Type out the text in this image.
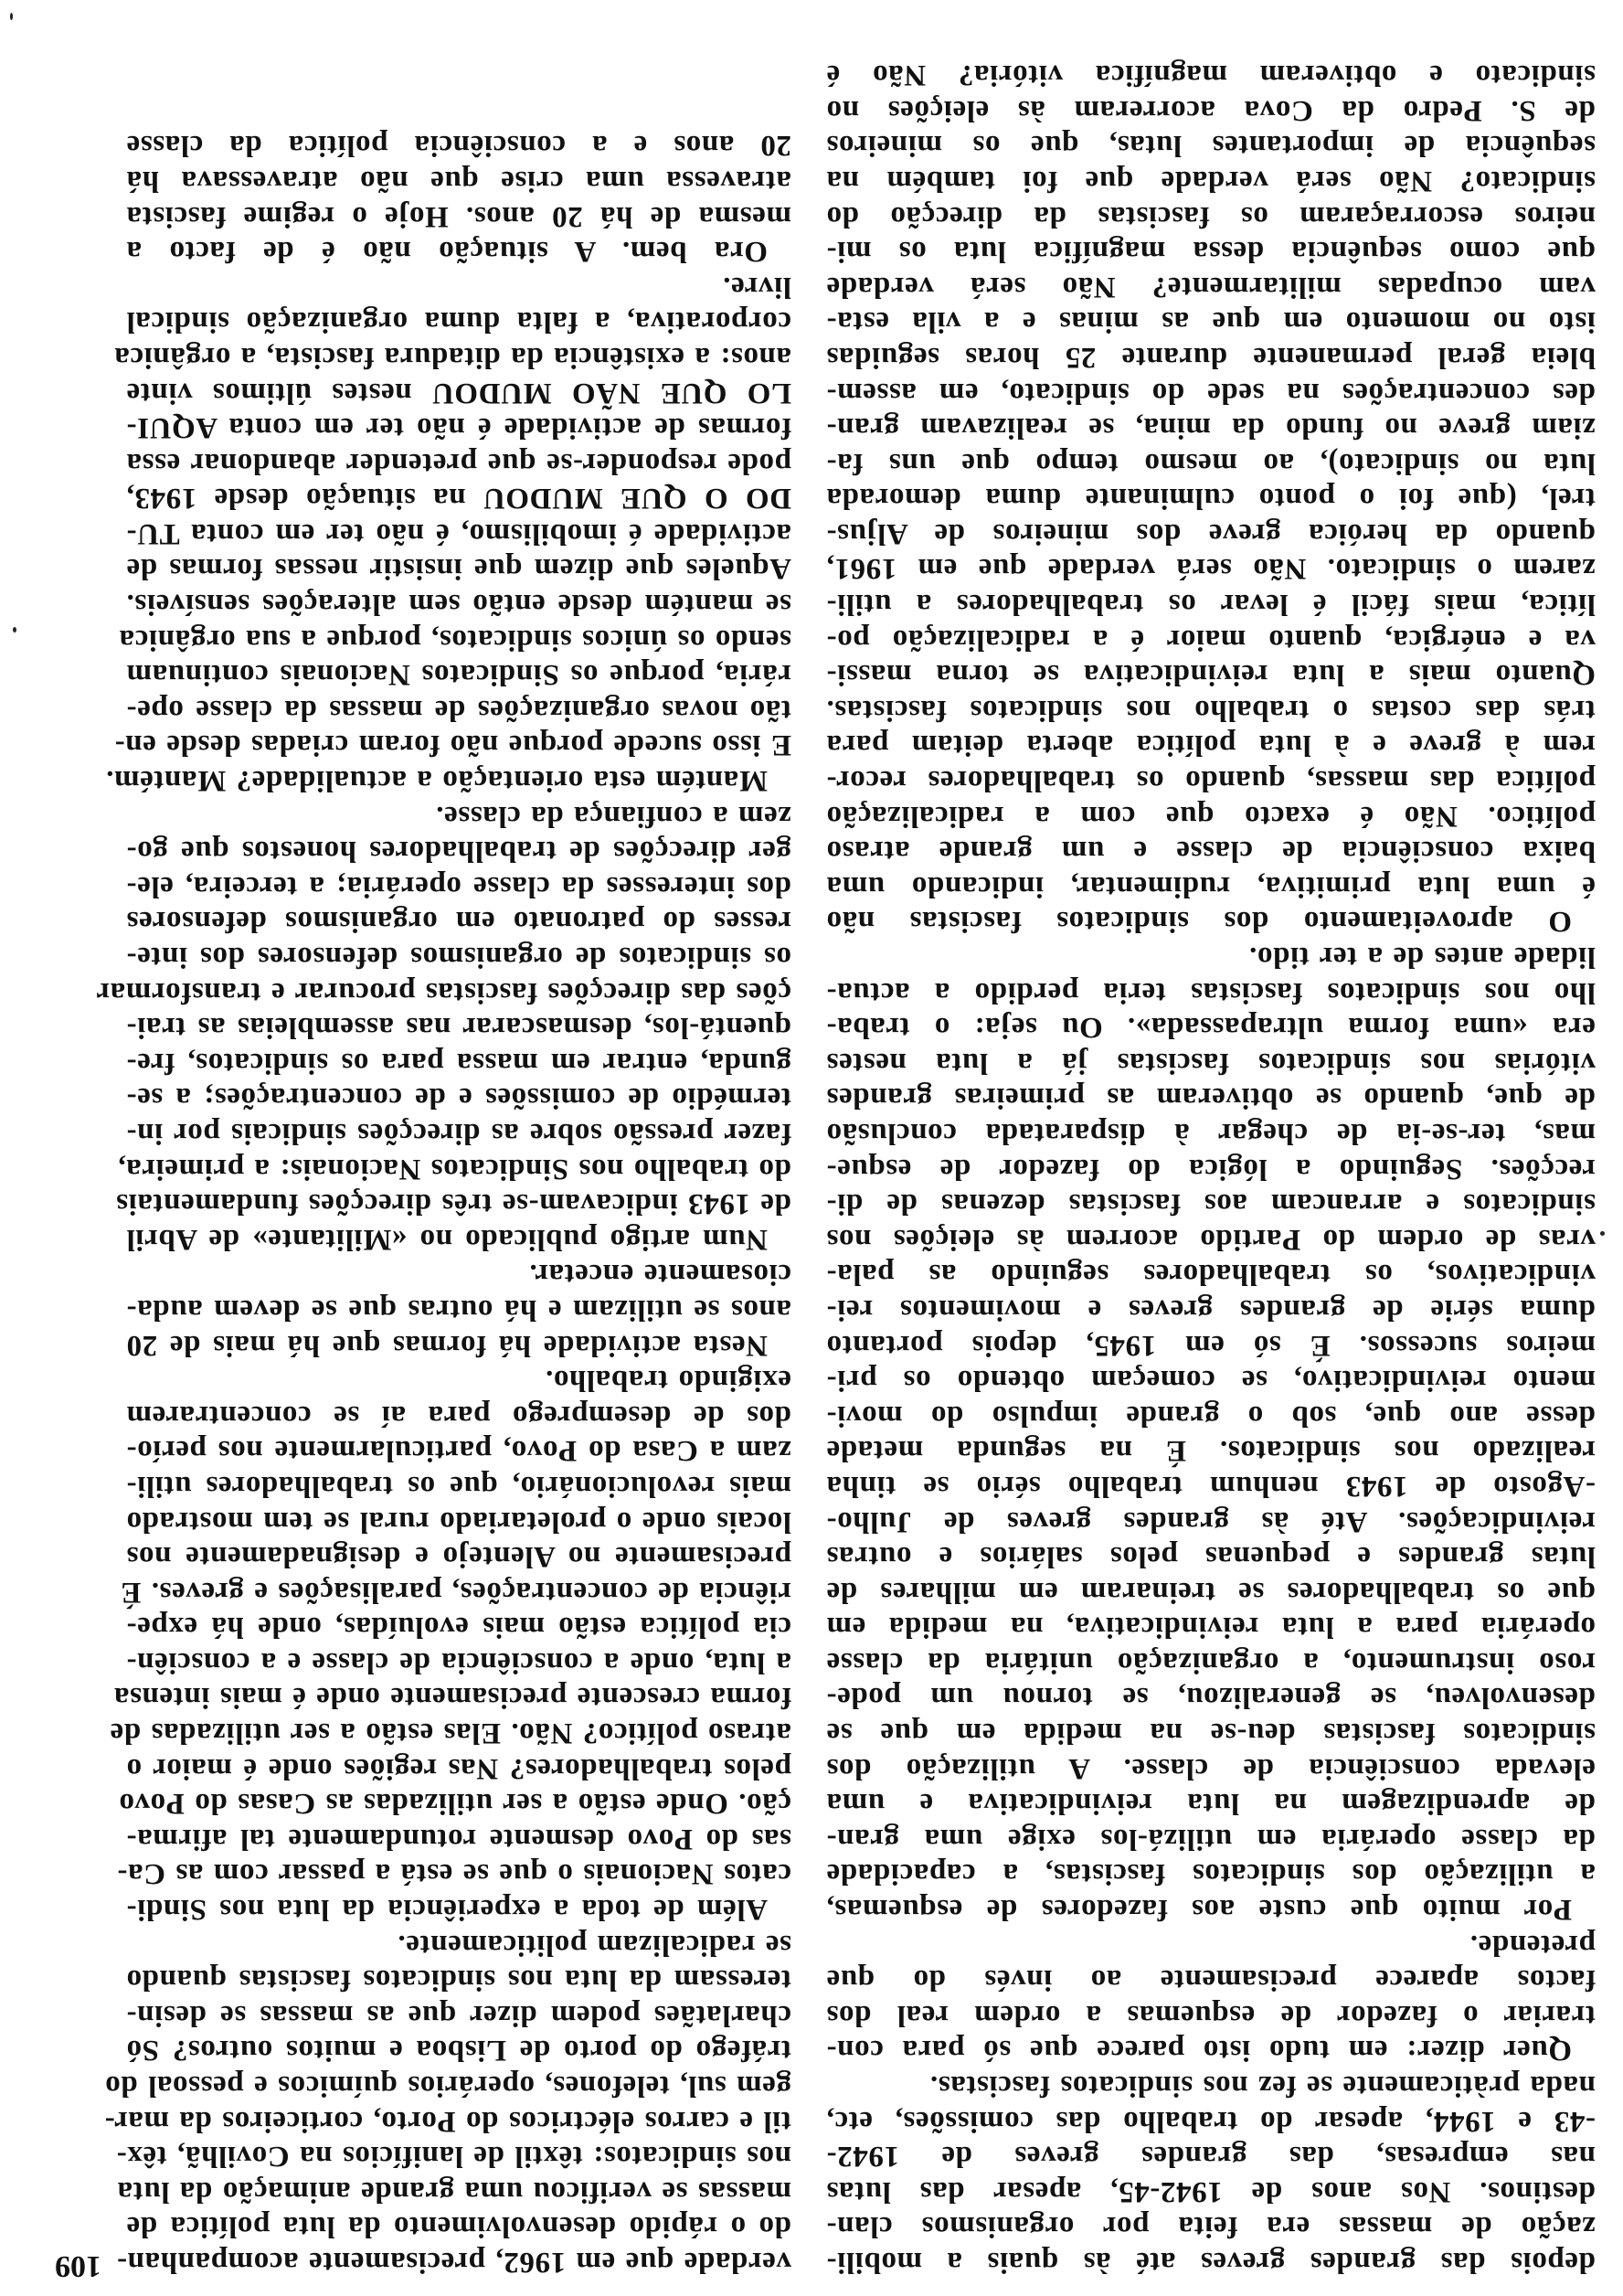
109	depois das grandes greves até às quais a mobili-
zação de massas era feita por organismos clan-
destinos. Nos anos de 1942-45, apesar das lutas
nas empresas, das grandes greves de 1942-
-43 e 1944, apesar do trabalho das comissões, etc,
nada pràticamente se fez nos sindicatos fascistas.
Quer dizer: em tudo isto parece que só para con-
trariar o fazedor de esquemas a ordem real dos
factos aparece precisamente ao invés do que
pretende.
Por muito que custe aos fazedores de esquemas,
a utilização dos sindicatos fascistas, a capacidade
da classe operária em utilizá-los exige uma gran-
de aprendizagem na luta reivindicativa e uma
elevada consciência de classe. A utilização dos
sindicatos fascistas deu-se na medida em que se
desenvolveu, se generalizou, se tornou um pode-
roso instrumento, a organização unitária da classe
operária para a luta reivindicativa, na medida em
que os trabalhadores se treinaram em milhares de
lutas grandes e pequenas pelos salários e outras
reivindicações. Até às grandes greves de Julho-
-Agosto de 1943 nenhum trabalho sério se tinha
realizado nos sindicatos. É na segunda metade
desse ano que, sob o grande impulso do movi-
mento reivindicativo, se começam obtendo os pri-
meiros sucessos. É só em 1945, depois portanto
duma série de grandes greves e movimentos rei-
vindicativos, os trabalhadores seguindo as pala-
vras de ordem do Partido acorrem às eleições nos
sindicatos e arrancam aos fascistas dezenas de di-
recções. Seguindo a lógica do fazedor de esque-
mas, ter-se-ia de chegar à disparatada conclusão
de que, quando se obtiveram as primeiras grandes
vitórias nos sindicatos fascistas já a luta nestes
era «uma forma ultrapassada». Ou seja: o traba-
lho nos sindicatos fascistas teria perdido a actua-
lidade antes de a ter tido.
O aproveitamento dos sindicatos fascistas não
é uma luta primitiva, rudimentar, indicando uma
baixa consciência de classe e um grande atraso
político. Não é exacto que com a radicalização
política das massas, quando os trabalhadores recor-
rem à greve e à luta política aberta deitam para
trás das costas o trabalho nos sindicatos fascistas.
Quanto mais a luta reivindicativa se torna massi-
va e enérgica, quanto maior é a radicalização po-
lítica, mais fácil é levar os trabalhadores a utili-
zarem o sindicato. Não será verdade que em 1961,
quando da heróica greve dos mineiros de Aljus-
trel, (que foi o ponto culminante duma demorada
luta no sindicato), ao mesmo tempo que uns fa-
ziam greve no fundo da mina, se realizavam gran-
des concentrações na sede do sindicato, em assem-
bleia geral permanente durante 25 horas seguidas
isto no momento em que as minas e a vila esta-
vam ocupadas militarmente? Não será verdade
que como sequência dessa magnífica luta os mi-
neiros escorraçaram os fascistas da direcção do
sindicato? Não será verdade que foi também na
sequência de importantes lutas, que os mineiros
de S. Pedro da Cova acorreram às eleições no
sindicato e obtiveram magnífica vitória? Não é
verdade que em 1962, precisamente acompanhan-
do o rápido desenvolvimento da luta política de
massas se verificou uma grande animação da luta
nos sindicatos: têxtil de lanifícios na Covilhã, têx-
til e carros eléctricos do Porto, corticeiros da mar-
gem sul, telefones, operários químicos e pessoal do
tráfego do porto de Lisboa e muitos outros? Só
charlatães podem dizer que as massas se desin-
teressam da luta nos sindicatos fascistas quando
se radicalizam politicamente.
Além de toda a experiência da luta nos Sindi-
catos Nacionais o que se está a passar com as Ca-
sas do Povo desmente rotundamente tal afirma-
ção. Onde estão a ser utilizadas as Casas do Povo
pelos trabalhadores? Nas regiões onde é maior o
atraso político? Não. Elas estão a ser utilizadas de
forma crescente precisamente onde é mais intensa
a luta, onde a consciência de classe e a consciên-
cia política estão mais evoluídas, onde há expe-
riência de concentrações, paralisações e greves. É
precisamente no Alentejo e designadamente nos
locais onde o proletariado rural se tem mostrado
mais revolucionário, que os trabalhadores utili-
zam a Casa do Povo, particularmente nos perío-
dos de desemprego para aí se concentrarem
exigindo trabalho.
Nesta actividade há formas que há mais de 20
anos se utilizam e há outras que se devem auda-
ciosamente encetar.
Num artigo publicado no «Militante» de Abril
de 1943 indicavam-se três direcções fundamentais
do trabalho nos Sindicatos Nacionais: a primeira,
fazer pressão sobre as direcções sindicais por in-
termédio de comissões e de concentrações; a se-
gunda, entrar em massa para os sindicatos, fre-
quentá-los, desmascarar nas assembleias as trai-
ções das direcções fascistas procurar e transformar
os sindicatos de organismos defensores dos inte-
resses do patronato em organismos defensores
dos interesses da classe operária; a terceira, ele-
ger direcções de trabalhadores honestos que go-
zem a confiança da classe.
Mantém esta orientação a actualidade? Mantém.
E isso sucede porque não foram criadas desde en-
tão novas organizações de massas da classe ope-
rária, porque os Sindicatos Nacionais continuam
sendo os únicos sindicatos, porque a sua orgânica
se mantém desde então sem alterações sensíveis.
Aqueles que dizem que insistir nessas formas de
actividade é imobilismo, é não ter em conta TU-
DO O QUE MUDOU na situação desde 1943,
pode responder-se que pretender abandonar essa
formas de actividade é não ter em conta AQUI-
LO QUE NÃO MUDOU nestes últimos vinte
anos: a existência da ditadura fascista, a orgânica
corporativa, a falta duma organização sindical
livre.
Ora bem. A situação não é de facto a
mesma de há 20 anos. Hoje o regime fascista
atravessa uma crise que não atravessava há
20 anos e a consciência política da classe
